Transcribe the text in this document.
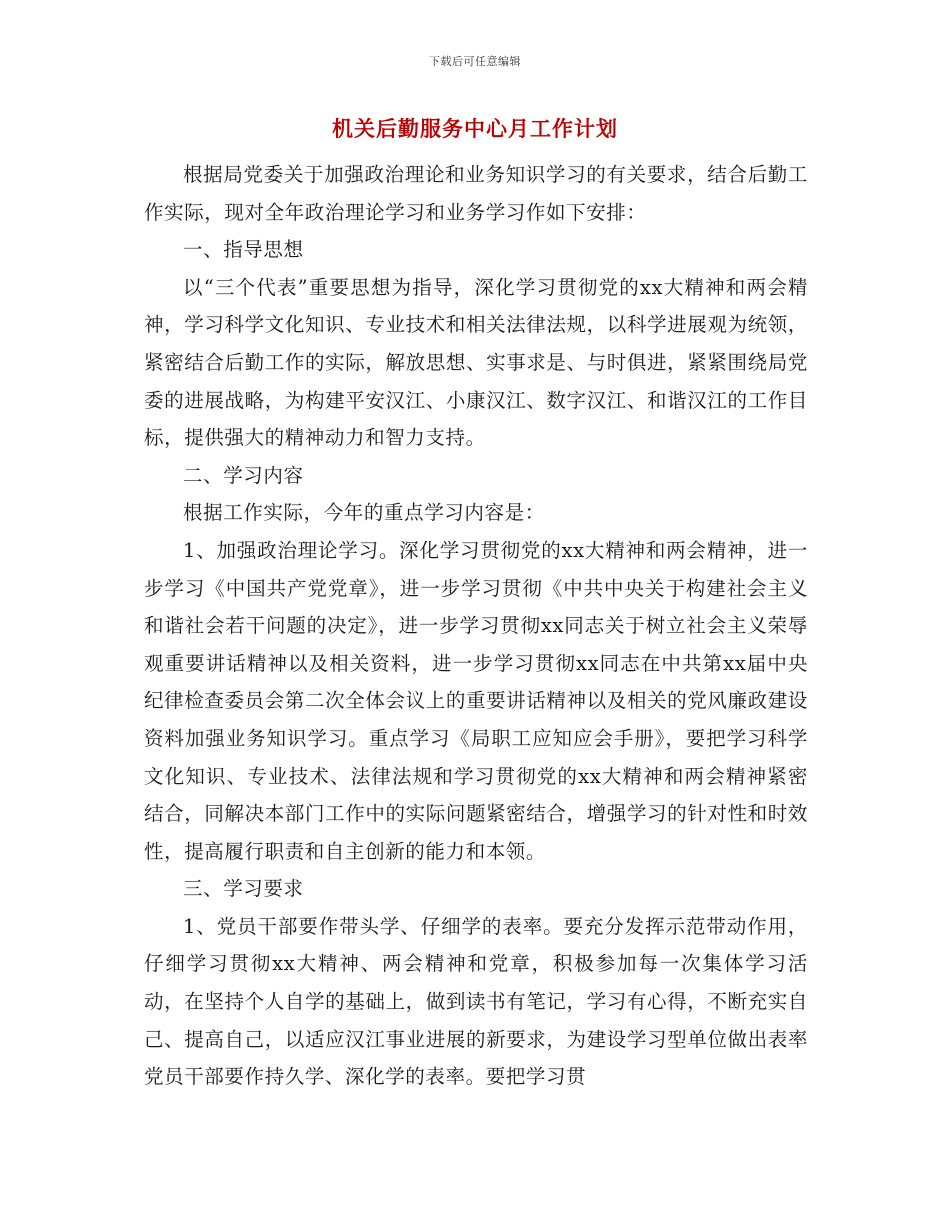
下载后可任意编辑
机关后勤服务中心月工作计划

根据局党委关于加强政治理论和业务知识学习的有关要求，结合后勤工作实际，现对全年政治理论学习和业务学习作如下安排：

一、指导思想

以“三个代表”重要思想为指导，深化学习贯彻党的xx大精神和两会精神，学习科学文化知识、专业技术和相关法律法规，以科学进展观为统领，紧密结合后勤工作的实际，解放思想、实事求是、与时俱进，紧紧围绕局党委的进展战略，为构建平安汉江、小康汉江、数字汉江、和谐汉江的工作目标，提供强大的精神动力和智力支持。

二、学习内容

根据工作实际，今年的重点学习内容是：

1、加强政治理论学习。深化学习贯彻党的xx大精神和两会精神，进一步学习《中国共产党党章》，进一步学习贯彻《中共中央关于构建社会主义和谐社会若干问题的决定》，进一步学习贯彻xx同志关于树立社会主义荣辱观重要讲话精神以及相关资料，进一步学习贯彻xx同志在中共第xx届中央纪律检查委员会第二次全体会议上的重要讲话精神以及相关的党风廉政建设资料加强业务知识学习。重点学习《局职工应知应会手册》，要把学习科学文化知识、专业技术、法律法规和学习贯彻党的xx大精神和两会精神紧密结合，同解决本部门工作中的实际问题紧密结合，增强学习的针对性和时效性，提高履行职责和自主创新的能力和本领。

三、学习要求

1、党员干部要作带头学、仔细学的表率。要充分发挥示范带动作用，仔细学习贯彻xx大精神、两会精神和党章，积极参加每一次集体学习活动，在坚持个人自学的基础上，做到读书有笔记，学习有心得，不断充实自己、提高自己，以适应汉江事业进展的新要求，为建设学习型单位做出表率党员干部要作持久学、深化学的表率。要把学习贯
